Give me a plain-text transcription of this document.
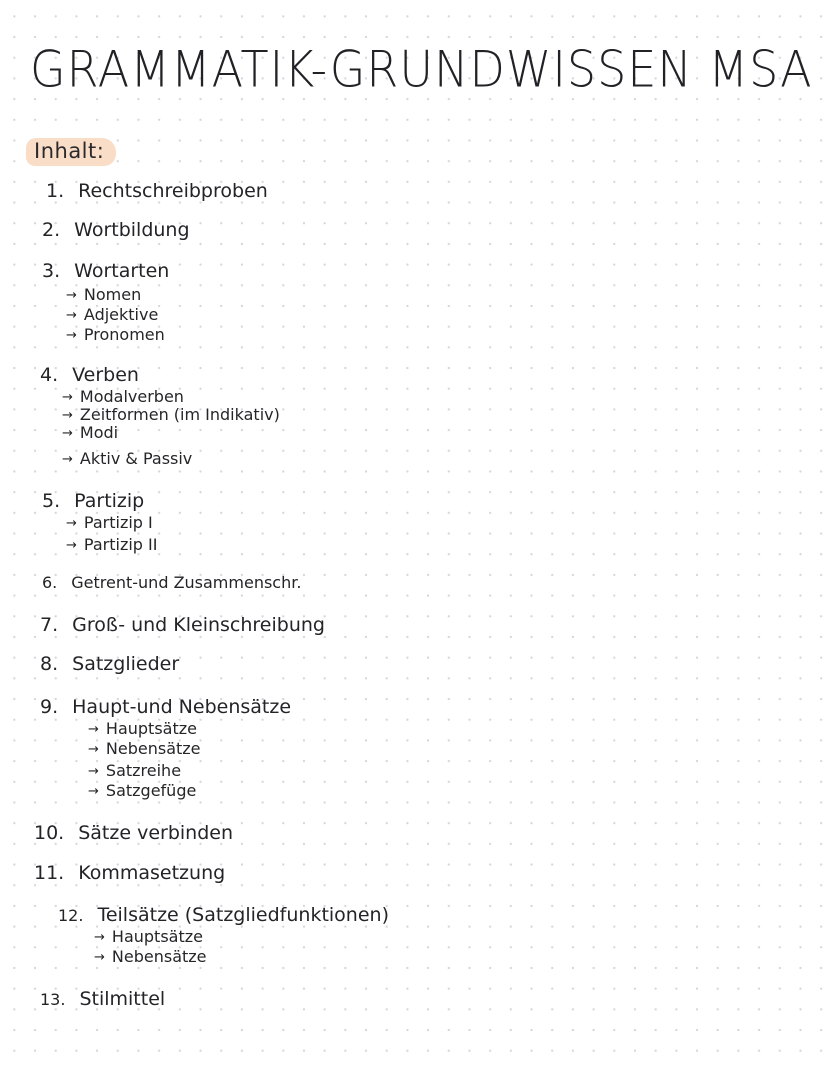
GRAMMATIK-GRUNDWISSEN MSA
Inhalt:
1. Rechtschreibproben
2. Wortbildung
3. Wortarten
→ Nomen
→ Adjektive
→ Pronomen
4. Verben
→ Modalverben
→ Zeitformen (im Indikativ)
→ Modi
→ Aktiv & Passiv
5. Partizip
→ Partizip I
→ Partizip II
6. Getrent-und Zusammenschr.
7. Groß- und Kleinschreibung
8. Satzglieder
9. Haupt-und Nebensätze
→ Hauptsätze
→ Nebensätze
→ Satzreihe
→ Satzgefüge
10. Sätze verbinden
11. Kommasetzung
12. Teilsätze (Satzgliedfunktionen)
→ Hauptsätze
→ Nebensätze
13. Stilmittel
